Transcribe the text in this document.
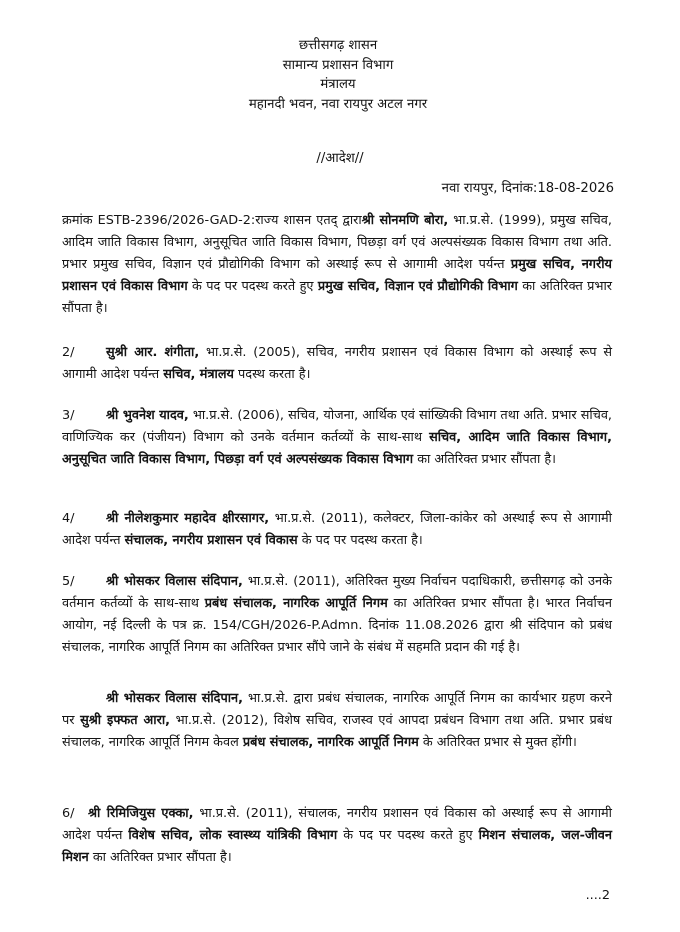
छत्तीसगढ़ शासन
सामान्य प्रशासन विभाग
मंत्रालय
महानदी भवन, नवा रायपुर अटल नगर
//आदेश//
नवा रायपुर, दिनांक:18-08-2026
क्रमांक ESTB-2396/2026-GAD-2:राज्य शासन एतद् द्वाराश्री सोनमणि बोरा, भा.प्र.से. (1999), प्रमुख सचिव, आदिम जाति विकास विभाग, अनुसूचित जाति विकास विभाग, पिछड़ा वर्ग एवं अल्पसंख्यक विकास विभाग तथा अति. प्रभार प्रमुख सचिव, विज्ञान एवं प्रौद्योगिकी विभाग को अस्थाई रूप से आगामी आदेश पर्यन्त प्रमुख सचिव, नगरीय प्रशासन एवं विकास विभाग के पद पर पदस्थ करते हुए प्रमुख सचिव, विज्ञान एवं प्रौद्योगिकी विभाग का अतिरिक्त प्रभार सौंपता है।
2/ सुश्री आर. शंगीता, भा.प्र.से. (2005), सचिव, नगरीय प्रशासन एवं विकास विभाग को अस्थाई रूप से आगामी आदेश पर्यन्त सचिव, मंत्रालय पदस्थ करता है।
3/ श्री भुवनेश यादव, भा.प्र.से. (2006), सचिव, योजना, आर्थिक एवं सांख्यिकी विभाग तथा अति. प्रभार सचिव, वाणिज्यिक कर (पंजीयन) विभाग को उनके वर्तमान कर्तव्यों के साथ-साथ सचिव, आदिम जाति विकास विभाग, अनुसूचित जाति विकास विभाग, पिछड़ा वर्ग एवं अल्पसंख्यक विकास विभाग का अतिरिक्त प्रभार सौंपता है।
4/ श्री नीलेशकुमार महादेव क्षीरसागर, भा.प्र.से. (2011), कलेक्टर, जिला-कांकेर को अस्थाई रूप से आगामी आदेश पर्यन्त संचालक, नगरीय प्रशासन एवं विकास के पद पर पदस्थ करता है।
5/ श्री भोसकर विलास संदिपान, भा.प्र.से. (2011), अतिरिक्त मुख्य निर्वाचन पदाधिकारी, छत्तीसगढ़ को उनके वर्तमान कर्तव्यों के साथ-साथ प्रबंध संचालक, नागरिक आपूर्ति निगम का अतिरिक्त प्रभार सौंपता है। भारत निर्वाचन आयोग, नई दिल्ली के पत्र क्र. 154/CGH/2026-P.Admn. दिनांक 11.08.2026 द्वारा श्री संदिपान को प्रबंध संचालक, नागरिक आपूर्ति निगम का अतिरिक्त प्रभार सौंपे जाने के संबंध में सहमति प्रदान की गई है।
श्री भोसकर विलास संदिपान, भा.प्र.से. द्वारा प्रबंध संचालक, नागरिक आपूर्ति निगम का कार्यभार ग्रहण करने पर सुश्री इफ्फत आरा, भा.प्र.से. (2012), विशेष सचिव, राजस्व एवं आपदा प्रबंधन विभाग तथा अति. प्रभार प्रबंध संचालक, नागरिक आपूर्ति निगम केवल प्रबंध संचालक, नागरिक आपूर्ति निगम के अतिरिक्त प्रभार से मुक्त होंगी।
6/ श्री रिमिजियुस एक्का, भा.प्र.से. (2011), संचालक, नगरीय प्रशासन एवं विकास को अस्थाई रूप से आगामी आदेश पर्यन्त विशेष सचिव, लोक स्वास्थ्य यांत्रिकी विभाग के पद पर पदस्थ करते हुए मिशन संचालक, जल-जीवन मिशन का अतिरिक्त प्रभार सौंपता है।
....2
